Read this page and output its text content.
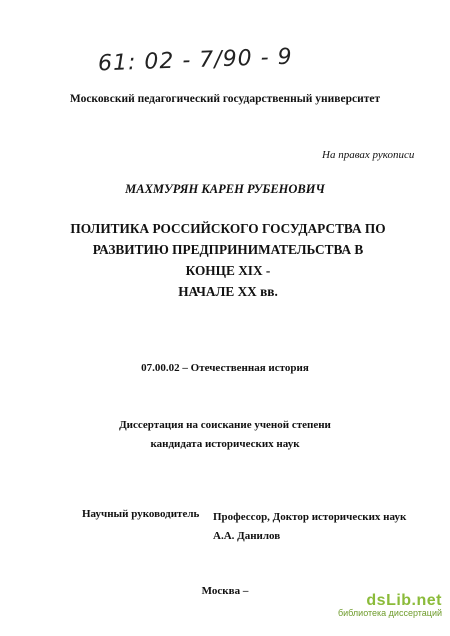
61: 02 - 7/90 - 9
Московский педагогический государственный университет
На правах рукописи
МАХМУРЯН КАРЕН РУБЕНОВИЧ
ПОЛИТИКА РОССИЙСКОГО ГОСУДАРСТВА ПО
РАЗВИТИЮ ПРЕДПРИНИМАТЕЛЬСТВА В КОНЦЕ XIX -
НАЧАЛЕ XX вв.
07.00.02 – Отечественная история
Диссертация на соискание ученой степени
кандидата исторических наук
Научный руководитель Профессор, Доктор исторических наук
А.А. Данилов
Москва –
dsLib.net
библиотека диссертаций
